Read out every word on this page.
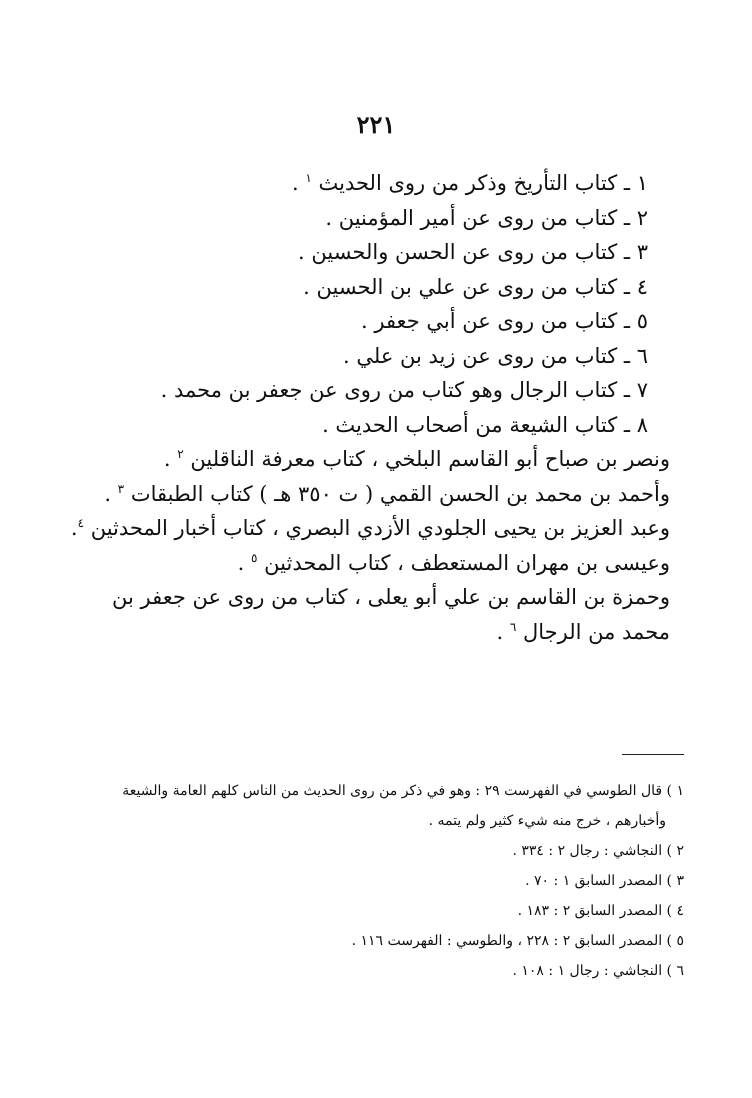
٢٢١
١ ـ كتاب التأريخ وذكر من روى الحديث $^١$ .
٢ ـ كتاب من روى عن أمير المؤمنين .
٣ ـ كتاب من روى عن الحسن والحسين .
٤ ـ كتاب من روى عن علي بن الحسين .
٥ ـ كتاب من روى عن أبي جعفر .
٦ ـ كتاب من روى عن زيد بن علي .
٧ ـ كتاب الرجال وهو كتاب من روى عن جعفر بن محمد .
٨ ـ كتاب الشيعة من أصحاب الحديث .
ونصر بن صباح أبو القاسم البلخي ، كتاب معرفة الناقلين $^٢$ .
وأحمد بن محمد بن الحسن القمي ( ت ٣٥٠ هـ ) كتاب الطبقات $^٣$ .
وعبد العزيز بن يحيى الجلودي الأزدي البصري ، كتاب أخبار المحدثين $^٤$.
وعيسى بن مهران المستعطف ، كتاب المحدثين $^٥$ .
وحمزة بن القاسم بن علي أبو يعلى ، كتاب من روى عن جعفر بن محمد من الرجال $^٦$ .
١ ) قال الطوسي في الفهرست ٢٩ : وهو في ذكر من روى الحديث من الناس كلهم العامة والشيعة
وأخبارهم ، خرج منه شيء كثير ولم يتمه .
٢ ) النجاشي : رجال ٢ : ٣٣٤ .
٣ ) المصدر السابق ١ : ٧٠ .
٤ ) المصدر السابق ٢ : ١٨٣ .
٥ ) المصدر السابق ٢ : ٢٢٨ ، والطوسي : الفهرست ١١٦ .
٦ ) النجاشي : رجال ١ : ١٠٨ .
